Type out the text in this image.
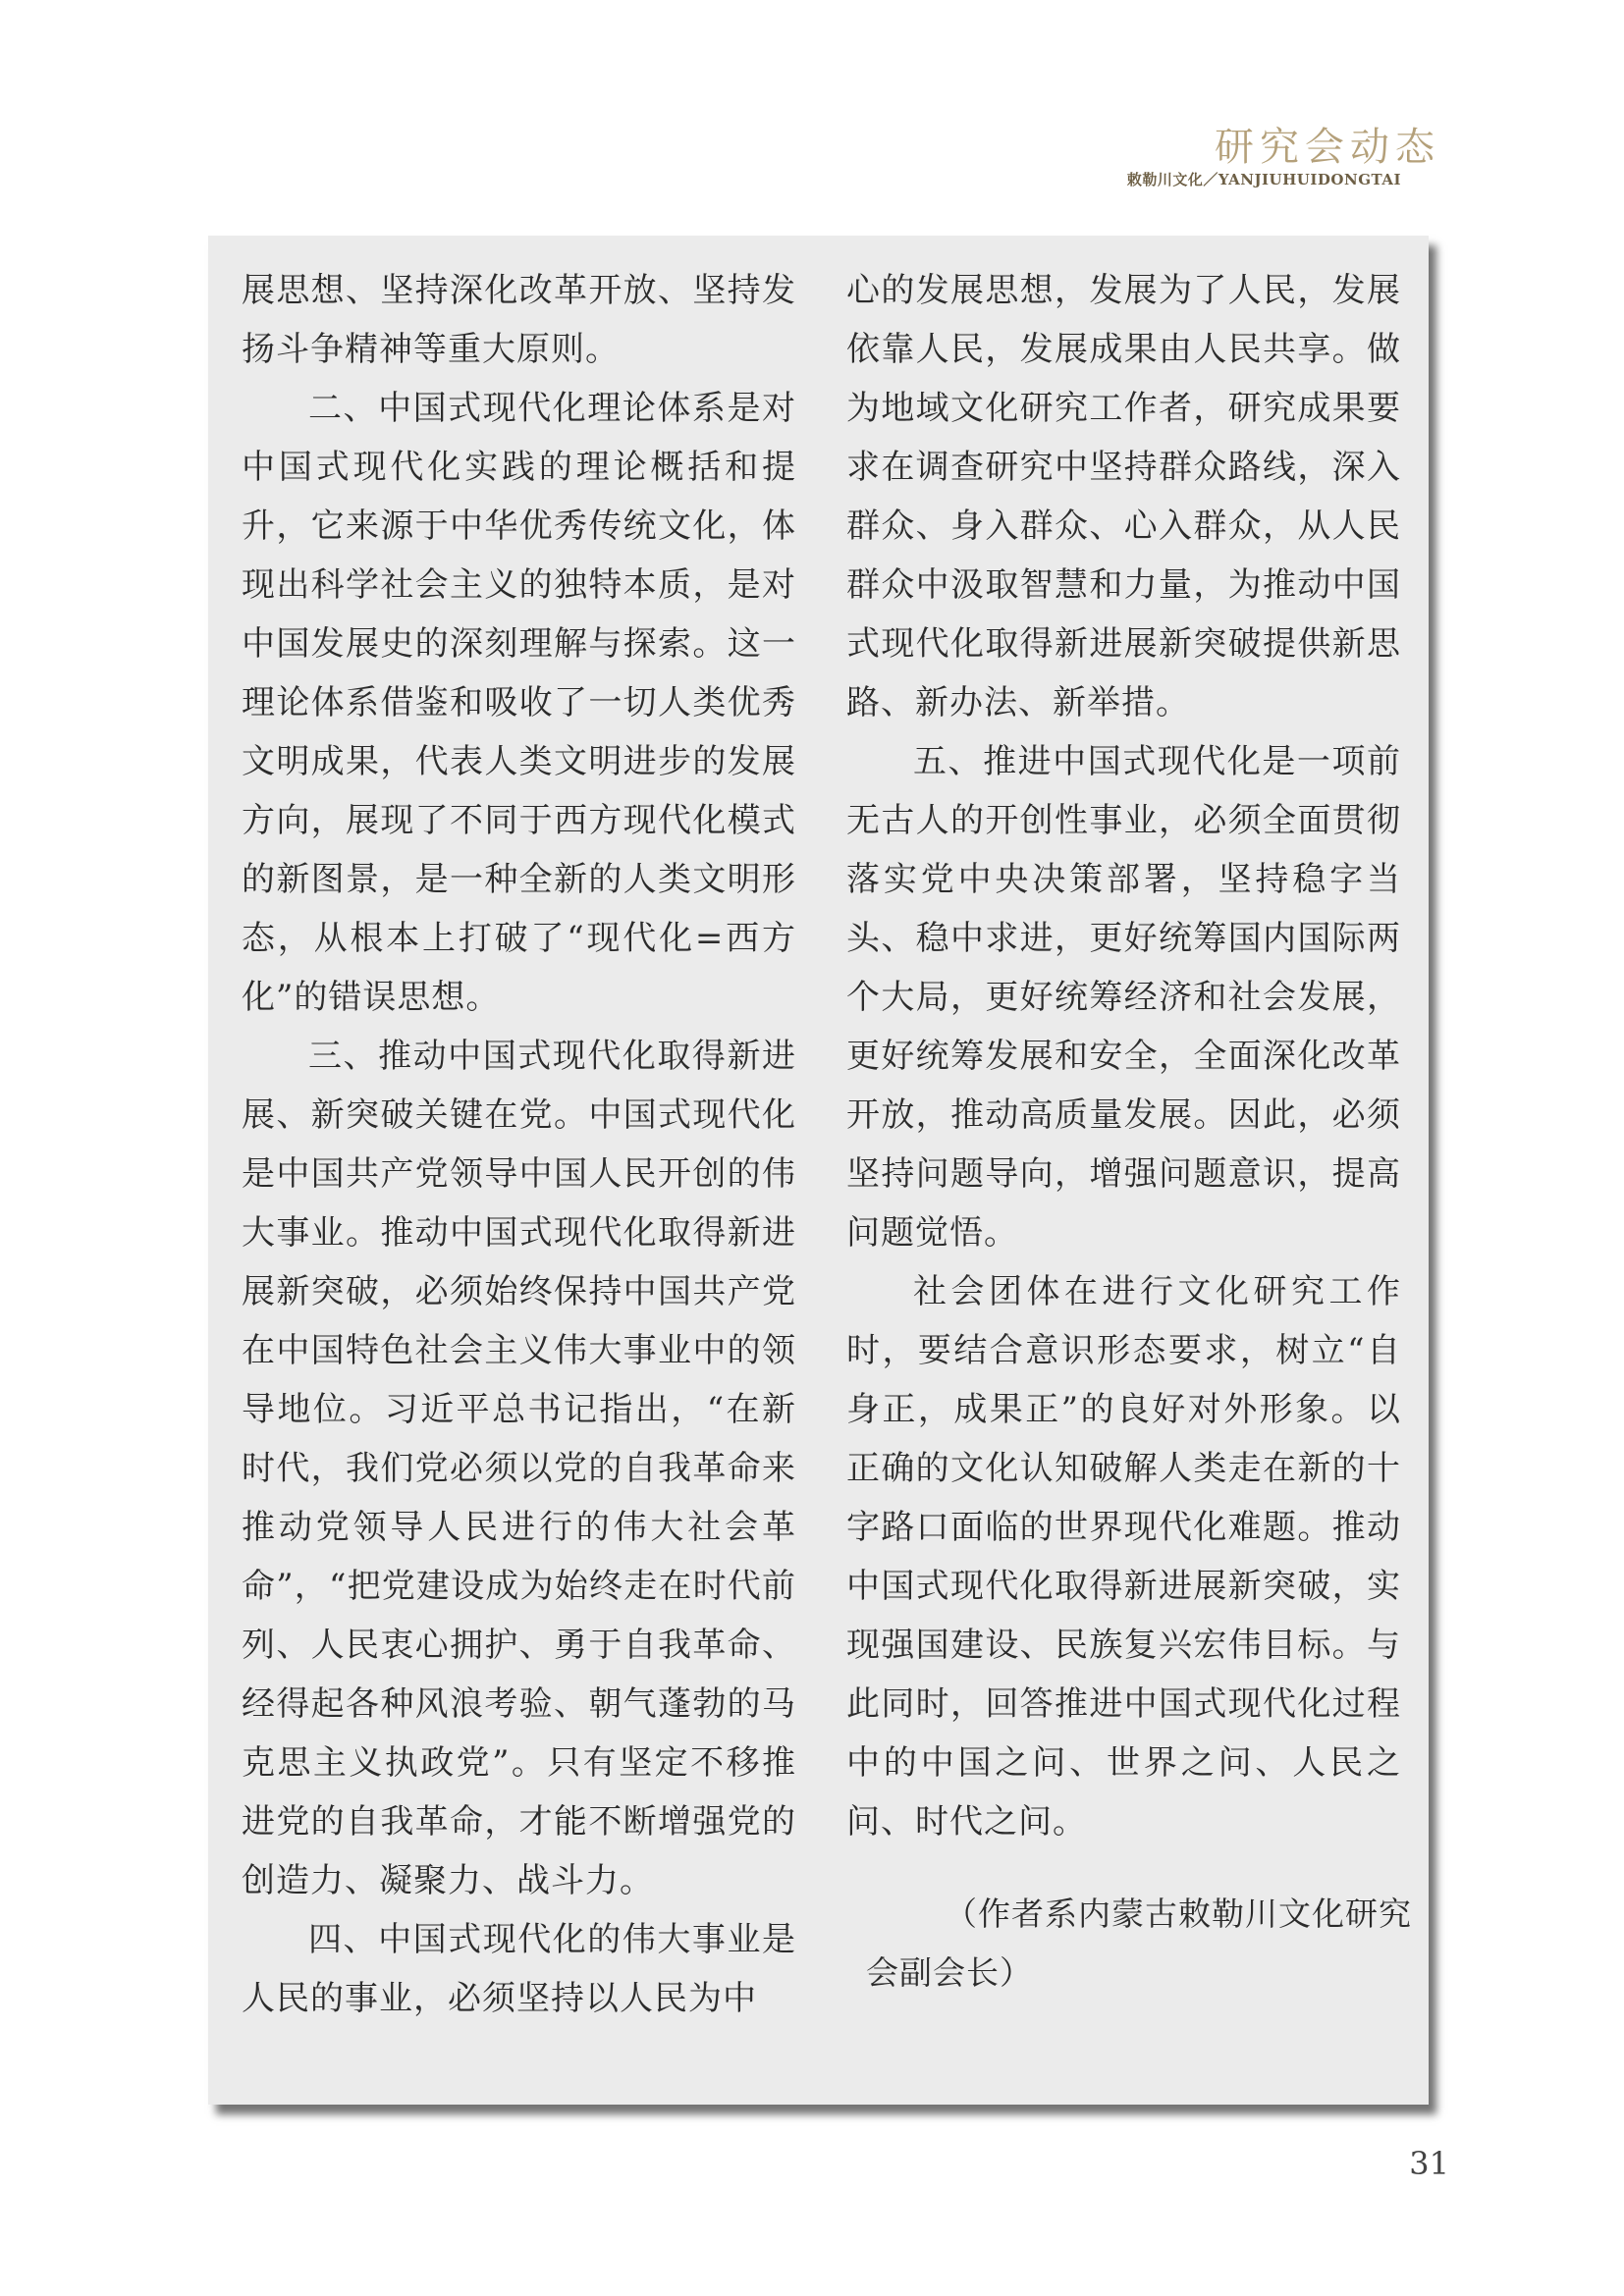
研究会动态
敕勒川文化／YANJIUHUIDONGTAI

展思想、坚持深化改革开放、坚持发扬斗争精神等重大原则。

二、中国式现代化理论体系是对中国式现代化实践的理论概括和提升，它来源于中华优秀传统文化，体现出科学社会主义的独特本质，是对中国发展史的深刻理解与探索。这一理论体系借鉴和吸收了一切人类优秀文明成果，代表人类文明进步的发展方向，展现了不同于西方现代化模式的新图景，是一种全新的人类文明形态，从根本上打破了“现代化=西方化”的错误思想。

三、推动中国式现代化取得新进展、新突破关键在党。中国式现代化是中国共产党领导中国人民开创的伟大事业。推动中国式现代化取得新进展新突破，必须始终保持中国共产党在中国特色社会主义伟大事业中的领导地位。习近平总书记指出，“在新时代，我们党必须以党的自我革命来推动党领导人民进行的伟大社会革命”，“把党建设成为始终走在时代前列、人民衷心拥护、勇于自我革命、经得起各种风浪考验、朝气蓬勃的马克思主义执政党”。只有坚定不移推进党的自我革命，才能不断增强党的创造力、凝聚力、战斗力。

四、中国式现代化的伟大事业是人民的事业，必须坚持以人民为中

心的发展思想，发展为了人民，发展依靠人民，发展成果由人民共享。做为地域文化研究工作者，研究成果要求在调查研究中坚持群众路线，深入群众、身入群众、心入群众，从人民群众中汲取智慧和力量，为推动中国式现代化取得新进展新突破提供新思路、新办法、新举措。

五、推进中国式现代化是一项前无古人的开创性事业，必须全面贯彻落实党中央决策部署，坚持稳字当头、稳中求进，更好统筹国内国际两个大局，更好统筹经济和社会发展，更好统筹发展和安全，全面深化改革开放，推动高质量发展。因此，必须坚持问题导向，增强问题意识，提高问题觉悟。

社会团体在进行文化研究工作时，要结合意识形态要求，树立“自身正，成果正”的良好对外形象。以正确的文化认知破解人类走在新的十字路口面临的世界现代化难题。推动中国式现代化取得新进展新突破，实现强国建设、民族复兴宏伟目标。与此同时，回答推进中国式现代化过程中的中国之问、世界之问、人民之问、时代之问。

（作者系内蒙古敕勒川文化研究

会副会长）

31
